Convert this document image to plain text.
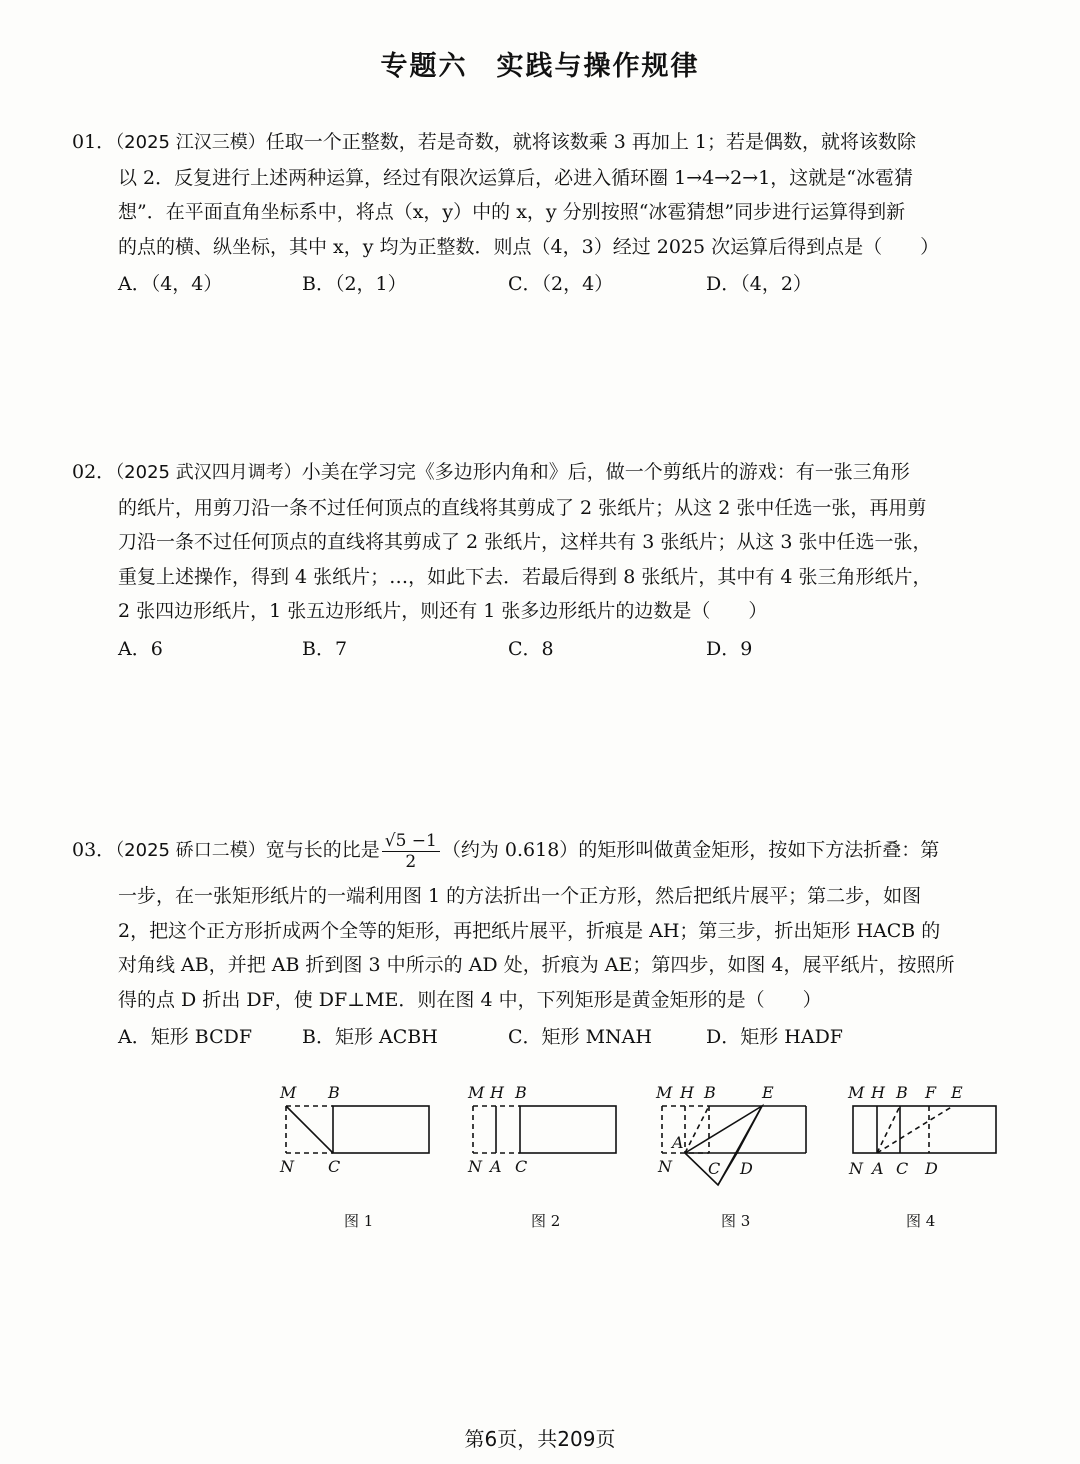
专题六　实践与操作规律

01．（2025 江汉三模）任取一个正整数，若是奇数，就将该数乘 3 再加上 1；若是偶数，就将该数除

以 2．反复进行上述两种运算，经过有限次运算后，必进入循环圈 1→4→2→1，这就是“冰雹猜

想”．在平面直角坐标系中，将点（x，y）中的 x，y 分别按照“冰雹猜想”同步进行运算得到新

的点的横、纵坐标，其中 x，y 均为正整数．则点（4，3）经过 2025 次运算后得到点是（　　）

A．（4，4）	B．（2，1）	C．（2，4）	D．（4，2）

02．（2025 武汉四月调考）小美在学习完《多边形内角和》后，做一个剪纸片的游戏：有一张三角形

的纸片，用剪刀沿一条不过任何顶点的直线将其剪成了 2 张纸片；从这 2 张中任选一张，再用剪

刀沿一条不过任何顶点的直线将其剪成了 2 张纸片，这样共有 3 张纸片；从这 3 张中任选一张，

重复上述操作，得到 4 张纸片；…，如此下去．若最后得到 8 张纸片，其中有 4 张三角形纸片，

2 张四边形纸片，1 张五边形纸片，则还有 1 张多边形纸片的边数是（　　）

A．6	B．7	C．8	D．9

03．（2025 硚口二模）宽与长的比是 $\frac{√5 -1}{2}$ （约为 0.618）的矩形叫做黄金矩形，按如下方法折叠：第

一步，在一张矩形纸片的一端利用图 1 的方法折出一个正方形，然后把纸片展平；第二步，如图

2，把这个正方形折成两个全等的矩形，再把纸片展平，折痕是 AH；第三步，折出矩形 HACB 的

对角线 AB，并把 AB 折到图 3 中所示的 AD 处，折痕为 AE；第四步，如图 4，展平纸片，按照所

得的点 D 折出 DF，使 DF⊥ME．则在图 4 中，下列矩形是黄金矩形的是（　　）

A．矩形 BCDF	B．矩形 ACBH	C．矩形 MNAH	D．矩形 HADF
M B
N C
图 1
M H B
N A C
图 2
M H B	E
A
N C D
图 3
M H B F E
N A C D
图 4
第6页，共209页
